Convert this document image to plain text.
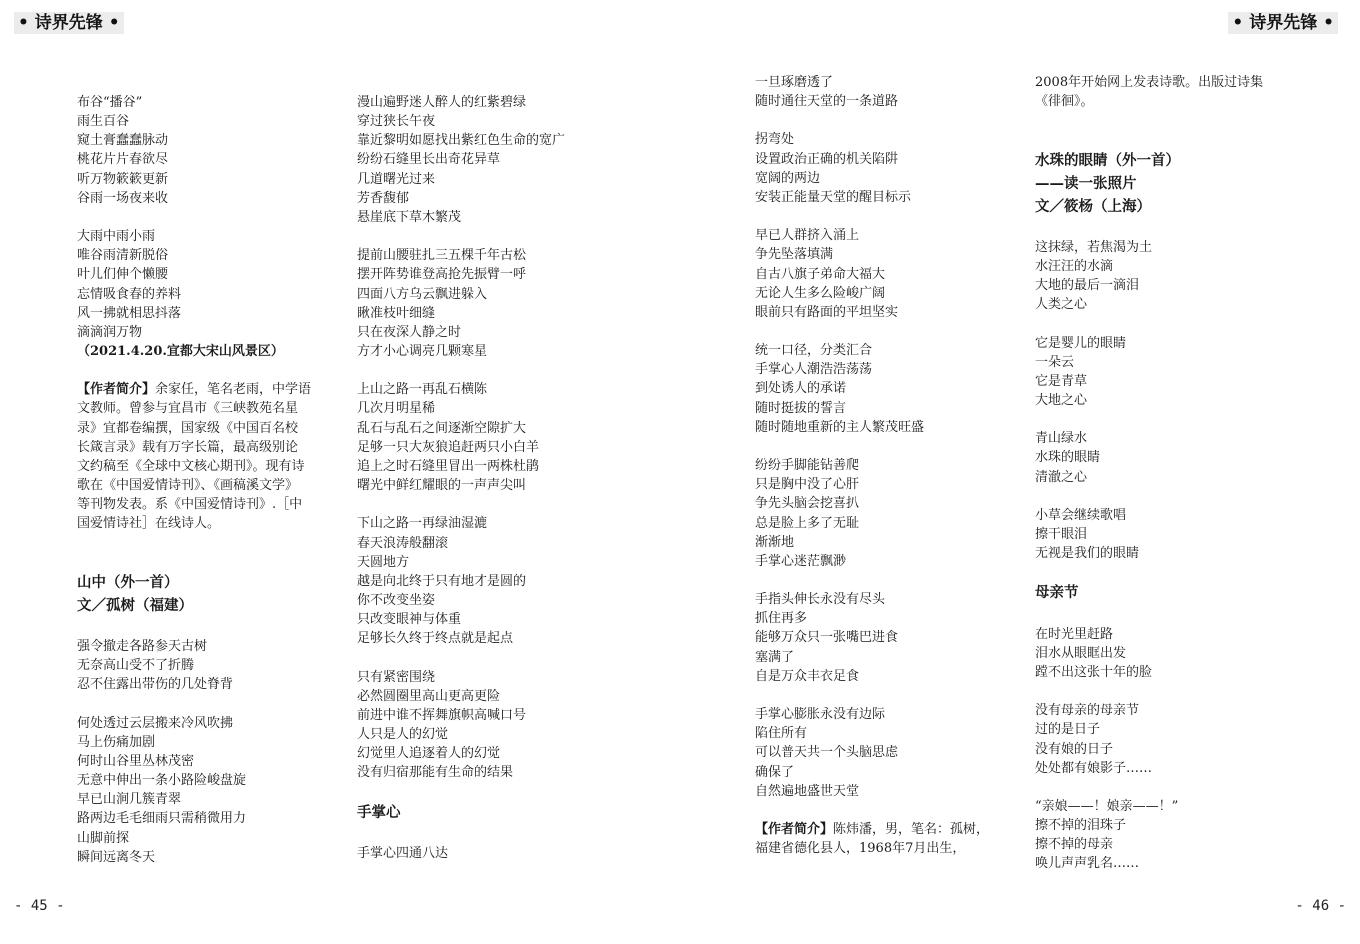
• 诗界先锋 •	• 诗界先锋 •
布谷“播谷”
雨生百谷
窥土膏蠢蠢脉动
桃花片片春欲尽
听万物簌簌更新
谷雨一场夜来收
大雨中雨小雨
唯谷雨清新脱俗
叶儿们伸个懒腰
忘情吸食春的养料
风一拂就相思抖落
滴滴润万物
（2021.4.20.宜都大宋山风景区）
【作者简介】余家任，笔名老雨，中学语
文教师。曾参与宜昌市《三峡教苑名星
录》宜都卷编撰，国家级《中国百名校
长箴言录》载有万字长篇，最高级别论
文约稿至《全球中文核心期刊》。现有诗
歌在《中国爱情诗刊》、《画稿溪文学》
等刊物发表。系《中国爱情诗刊》.［中
国爱情诗社］在线诗人。
山中（外一首）
文／孤树（福建）
强令撤走各路参天古树
无奈高山受不了折腾
忍不住露出带伤的几处脊背
何处透过云层搬来冷风吹拂
马上伤痛加剧
何时山谷里丛林茂密
无意中伸出一条小路险峻盘旋
早已山涧几簇青翠
路两边毛毛细雨只需稍微用力
山脚前探
瞬间远离冬天
漫山遍野迷人醉人的红紫碧绿
穿过狭长午夜
靠近黎明如愿找出紫红色生命的宽广
纷纷石缝里长出奇花异草
几道曙光过来
芳香馥郁
悬崖底下草木繁茂
提前山腰驻扎三五棵千年古松
摆开阵势谁登高抢先振臂一呼
四面八方乌云飘进躲入
瞅准枝叶细缝
只在夜深人静之时
方才小心调亮几颗寒星
上山之路一再乱石横陈
几次月明星稀
乱石与乱石之间逐渐空隙扩大
足够一只大灰狼追赶两只小白羊
追上之时石缝里冒出一两株杜鹃
曙光中鲜红耀眼的一声声尖叫
下山之路一再绿油湿漉
春天浪涛般翻滚
天圆地方
越是向北终于只有地才是圆的
你不改变坐姿
只改变眼神与体重
足够长久终于终点就是起点
只有紧密围绕
必然圆圈里高山更高更险
前进中谁不挥舞旗帜高喊口号
人只是人的幻觉
幻觉里人追逐着人的幻觉
没有归宿那能有生命的结果
手掌心
手掌心四通八达
一旦琢磨透了
随时通往天堂的一条道路
拐弯处
设置政治正确的机关陷阱
宽阔的两边
安装正能量天堂的醒目标示
早已人群挤入涌上
争先坠落填满
自古八旗子弟命大福大
无论人生多么险峻广阔
眼前只有路面的平坦坚实
统一口径，分类汇合
手掌心人潮浩浩荡荡
到处诱人的承诺
随时挺拔的誓言
随时随地重新的主人繁茂旺盛
纷纷手脚能钻善爬
只是胸中没了心肝
争先头脑会挖喜扒
总是脸上多了无耻
渐渐地
手掌心迷茫飘渺
手指头伸长永没有尽头
抓住再多
能够万众只一张嘴巴进食
塞满了
自是万众丰衣足食
手掌心膨胀永没有边际
陷住所有
可以普天共一个头脑思虑
确保了
自然遍地盛世天堂
【作者简介】陈炜潘，男，笔名：孤树，
福建省德化县人，1968年7月出生，
2008年开始网上发表诗歌。出版过诗集
《徘徊》。
水珠的眼睛（外一首）
——读一张照片
文／筱杨（上海）
这抹绿，若焦渴为土
水汪汪的水滴
大地的最后一滴泪
人类之心
它是婴儿的眼睛
一朵云
它是青草
大地之心
青山绿水
水珠的眼睛
清澈之心
小草会继续歌唱
擦干眼泪
无视是我们的眼睛
母亲节
在时光里赶路
泪水从眼眶出发
蹚不出这张十年的脸
没有母亲的母亲节
过的是日子
没有娘的日子
处处都有娘影子……
“亲娘——！娘亲——！”
擦不掉的泪珠子
擦不掉的母亲
唤儿声声乳名……
- 45 -	- 46 -
